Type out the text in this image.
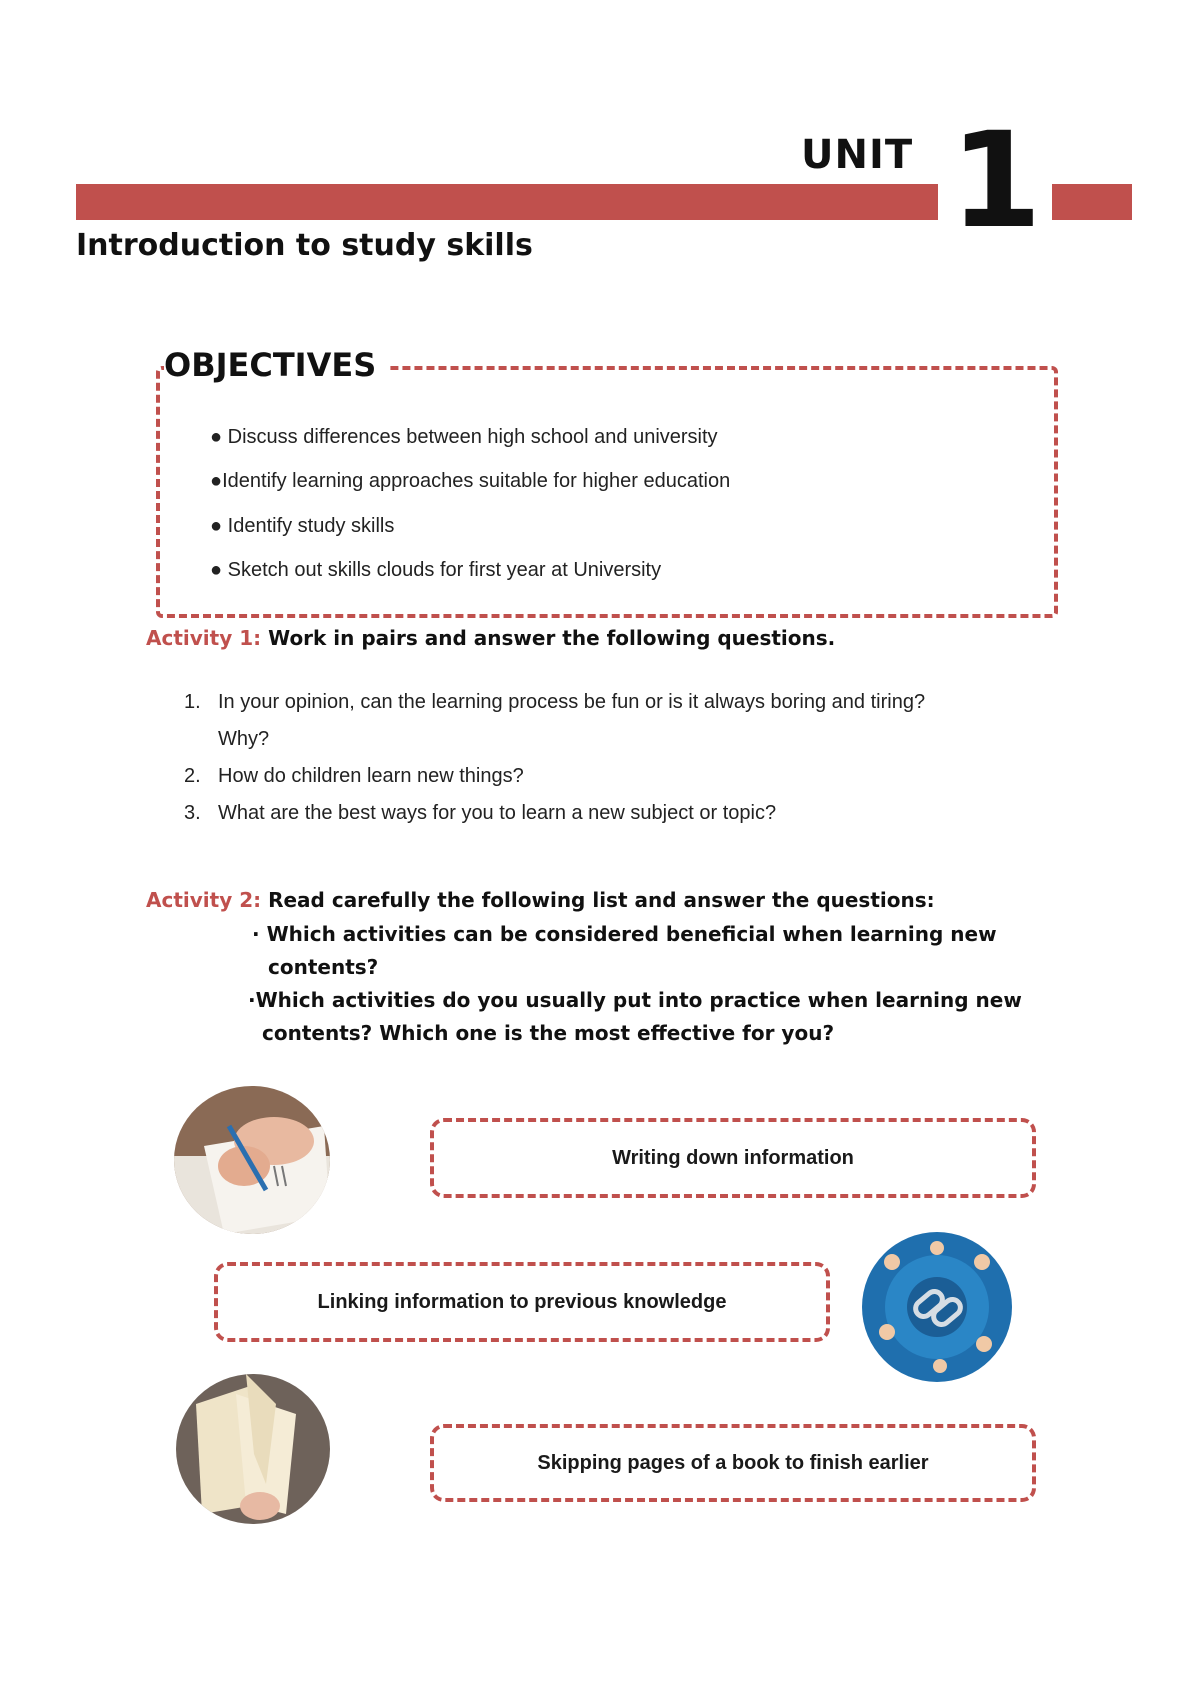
UNIT 1
Introduction to study skills
OBJECTIVES
● Discuss differences between high school and university
●Identify learning approaches suitable for higher education
● Identify study skills
● Sketch out skills clouds for first year at University
Activity 1: Work in pairs and answer the following questions.
1. In your opinion, can the learning process be fun or is it always boring and tiring?
Why?
2. How do children learn new things?
3. What are the best ways for you to learn a new subject or topic?
Activity 2: Read carefully the following list and answer the questions:
· Which activities can be considered beneficial when learning new
contents?
·Which activities do you usually put into practice when learning new
contents? Which one is the most effective for you?
Writing down information
Linking information to previous knowledge
Skipping pages of a book to finish earlier
